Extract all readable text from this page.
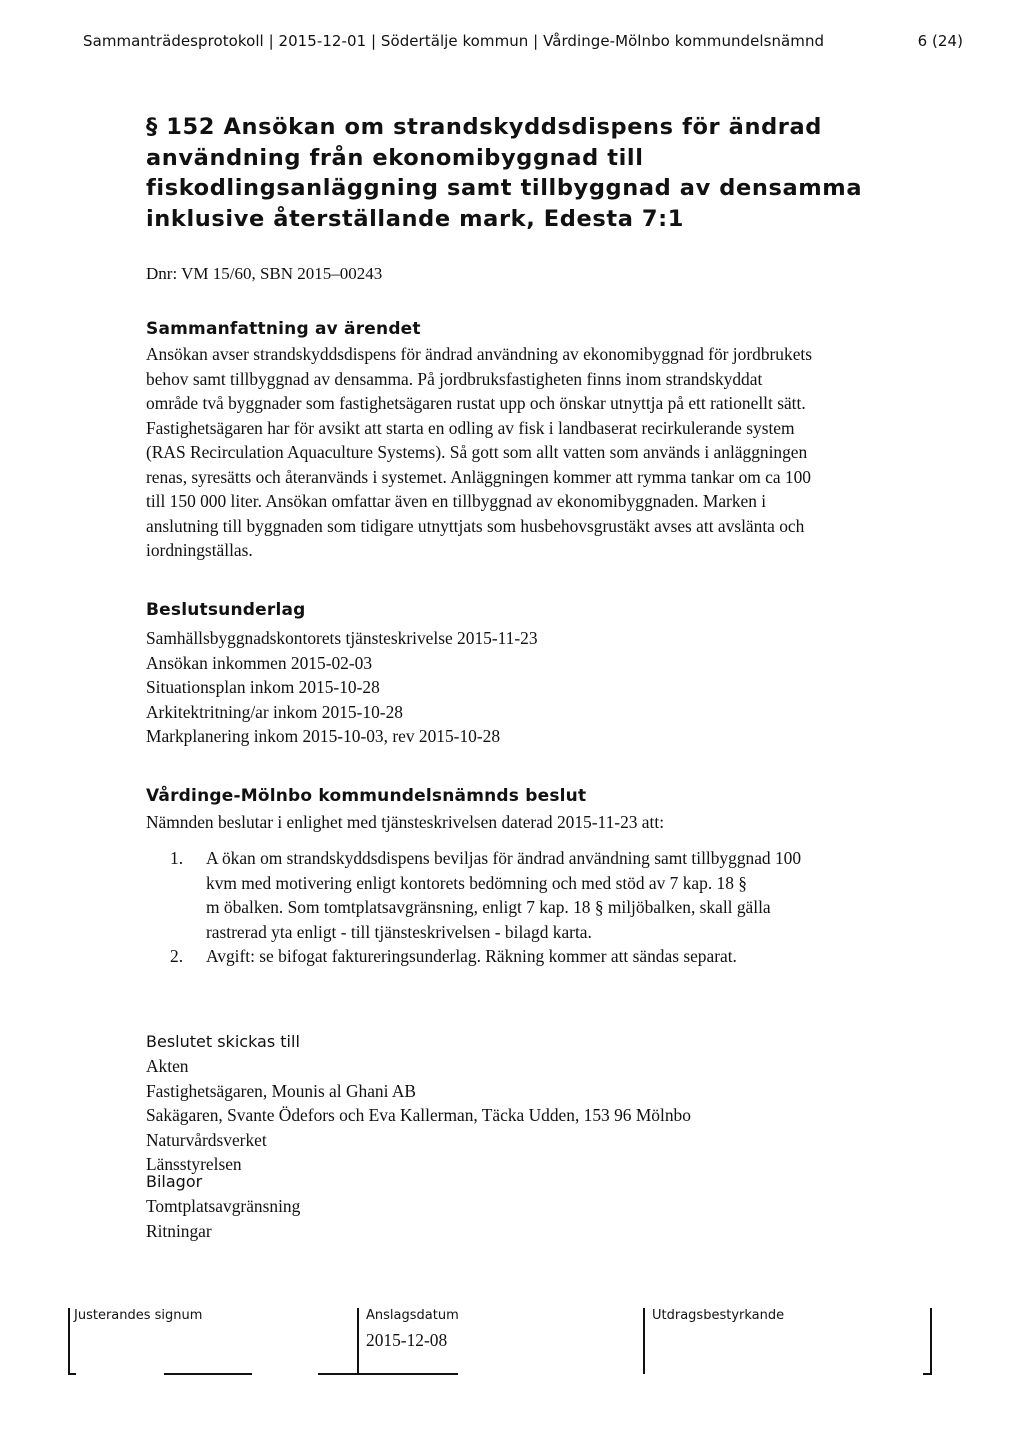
Sammanträdesprotokoll | 2015-12-01 | Södertälje kommun | Vårdinge-Mölnbo kommundelsnämnd	6 (24)
§ 152 Ansökan om strandskyddsdispens för ändrad
användning från ekonomibyggnad till
fiskodlingsanläggning samt tillbyggnad av densamma
inklusive återställande mark, Edesta 7:1
Dnr: VM 15/60, SBN 2015–00243
Sammanfattning av ärendet
Ansökan avser strandskyddsdispens för ändrad användning av ekonomibyggnad för jordbrukets
behov samt tillbyggnad av densamma. På jordbruksfastigheten finns inom strandskyddat
område två byggnader som fastighetsägaren rustat upp och önskar utnyttja på ett rationellt sätt.
Fastighetsägaren har för avsikt att starta en odling av fisk i landbaserat recirkulerande system
(RAS Recirculation Aquaculture Systems). Så gott som allt vatten som används i anläggningen
renas, syresätts och återanvänds i systemet. Anläggningen kommer att rymma tankar om ca 100
till 150 000 liter. Ansökan omfattar även en tillbyggnad av ekonomibyggnaden. Marken i
anslutning till byggnaden som tidigare utnyttjats som husbehovsgrustäkt avses att avslänta och
iordningställas.
Beslutsunderlag
Samhällsbyggnadskontorets tjänsteskrivelse 2015-11-23
Ansökan inkommen 2015-02-03
Situationsplan inkom 2015-10-28
Arkitektritning/ar inkom 2015-10-28
Markplanering inkom 2015-10-03, rev 2015-10-28
Vårdinge-Mölnbo kommundelsnämnds beslut
Nämnden beslutar i enlighet med tjänsteskrivelsen daterad 2015-11-23 att:
1.	A ökan om strandskyddsdispens beviljas för ändrad användning samt tillbyggnad 100
kvm med motivering enligt kontorets bedömning och med stöd av 7 kap. 18 §
m öbalken. Som tomtplatsavgränsning, enligt 7 kap. 18 § miljöbalken, skall gälla
rastrerad yta enligt - till tjänsteskrivelsen - bilagd karta.
2.	Avgift: se bifogat faktureringsunderlag. Räkning kommer att sändas separat.
Beslutet skickas till
Akten
Fastighetsägaren, Mounis al Ghani AB
Sakägaren, Svante Ödefors och Eva Kallerman, Täcka Udden, 153 96 Mölnbo
Naturvårdsverket
Länsstyrelsen
Bilagor
Tomtplatsavgränsning
Ritningar
Justerandes signum	Anslagsdatum
2015-12-08
Utdragsbestyrkande
